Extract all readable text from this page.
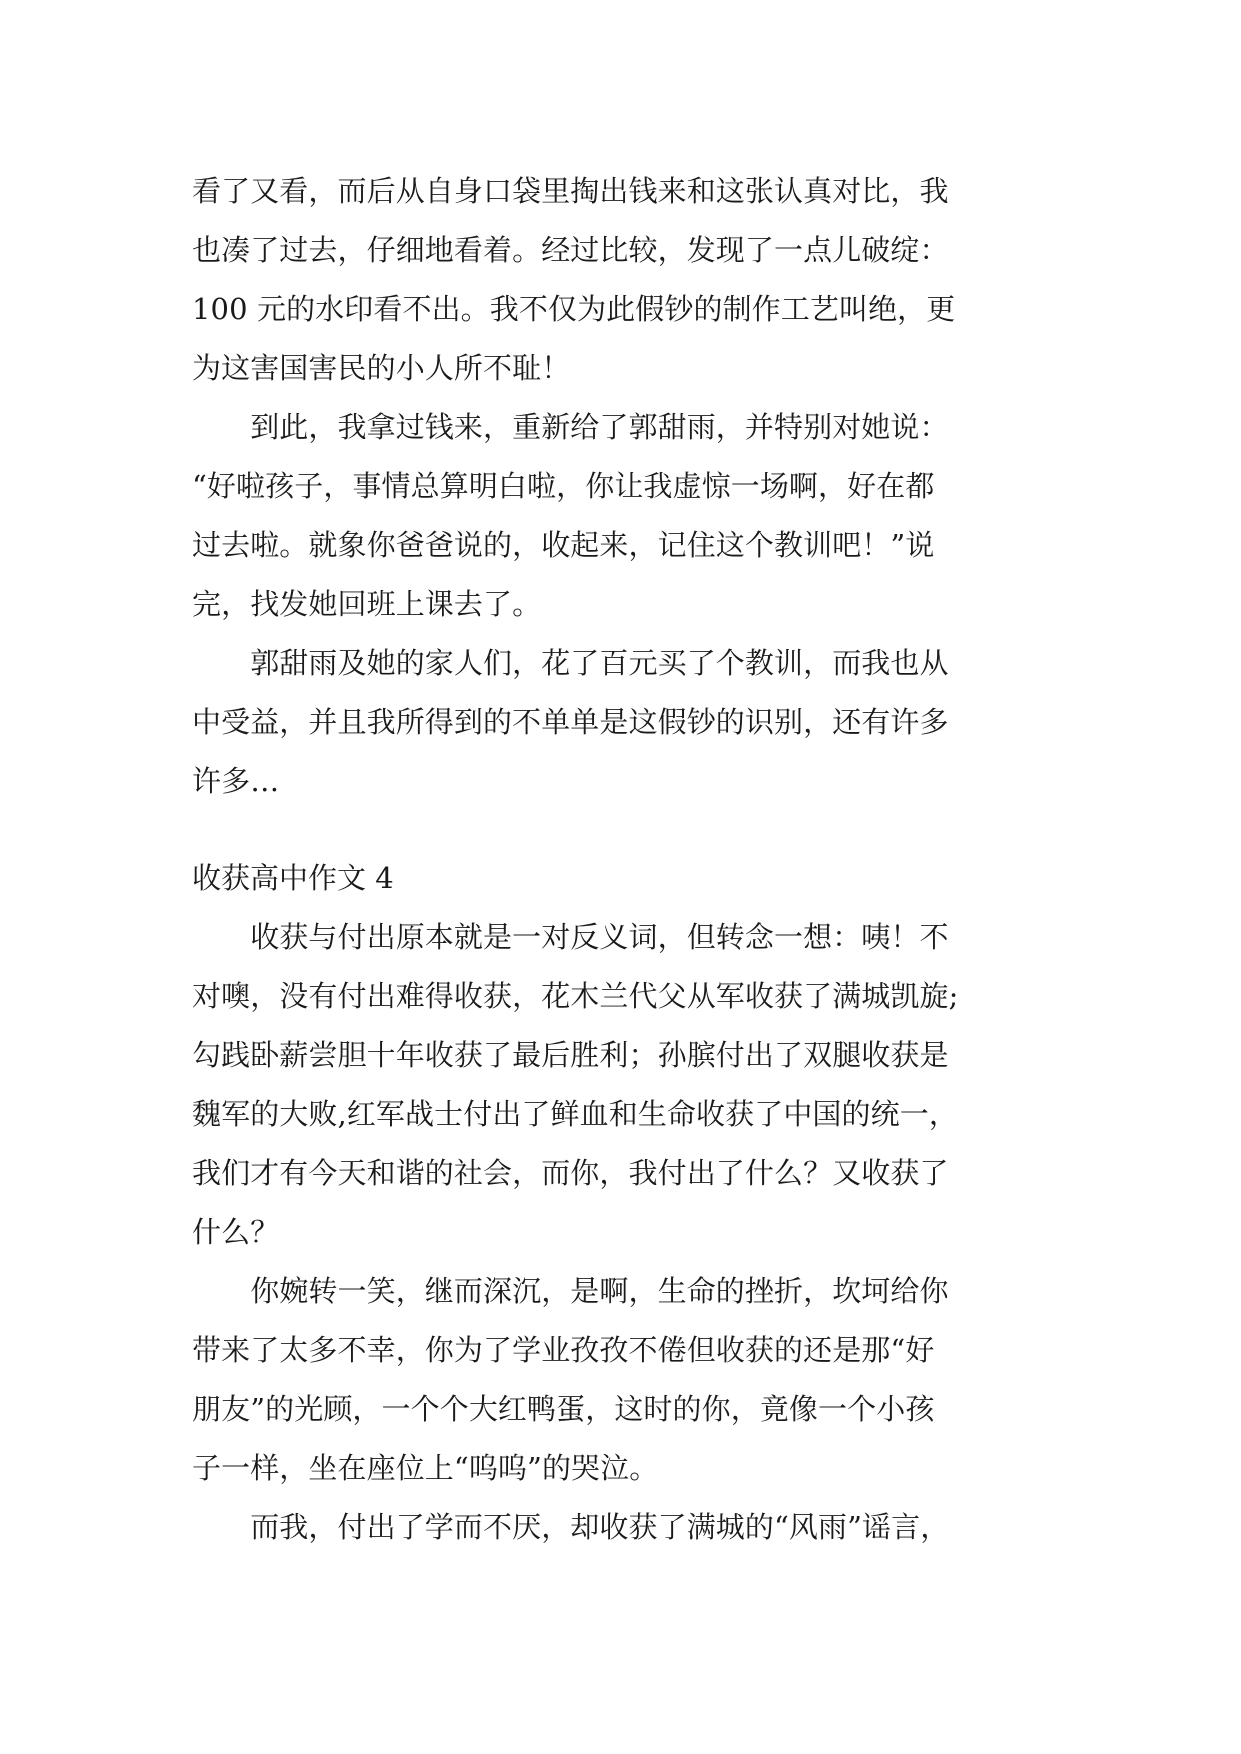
看了又看，而后从自身口袋里掏出钱来和这张认真对比，我
也凑了过去，仔细地看着。经过比较，发现了一点儿破绽：
100 元的水印看不出。我不仅为此假钞的制作工艺叫绝，更
为这害国害民的小人所不耻！

　　到此，我拿过钱来，重新给了郭甜雨，并特别对她说：
“好啦孩子，事情总算明白啦，你让我虚惊一场啊，好在都
过去啦。就象你爸爸说的，收起来，记住这个教训吧！”说
完，找发她回班上课去了。

　　郭甜雨及她的家人们，花了百元买了个教训，而我也从
中受益，并且我所得到的不单单是这假钞的识别，还有许多
许多…

收获高中作文 4

　　收获与付出原本就是一对反义词，但转念一想：咦！不
对噢，没有付出难得收获，花木兰代父从军收获了满城凯旋;
勾践卧薪尝胆十年收获了最后胜利；孙膑付出了双腿收获是
魏军的大败,红军战士付出了鲜血和生命收获了中国的统一，
我们才有今天和谐的社会，而你，我付出了什么？又收获了
什么？

　　你婉转一笑，继而深沉，是啊，生命的挫折，坎坷给你
带来了太多不幸，你为了学业孜孜不倦但收获的还是那“好
朋友”的光顾，一个个大红鸭蛋，这时的你，竟像一个小孩
子一样，坐在座位上“呜呜”的哭泣。

　　而我，付出了学而不厌，却收获了满城的“风雨”谣言，
